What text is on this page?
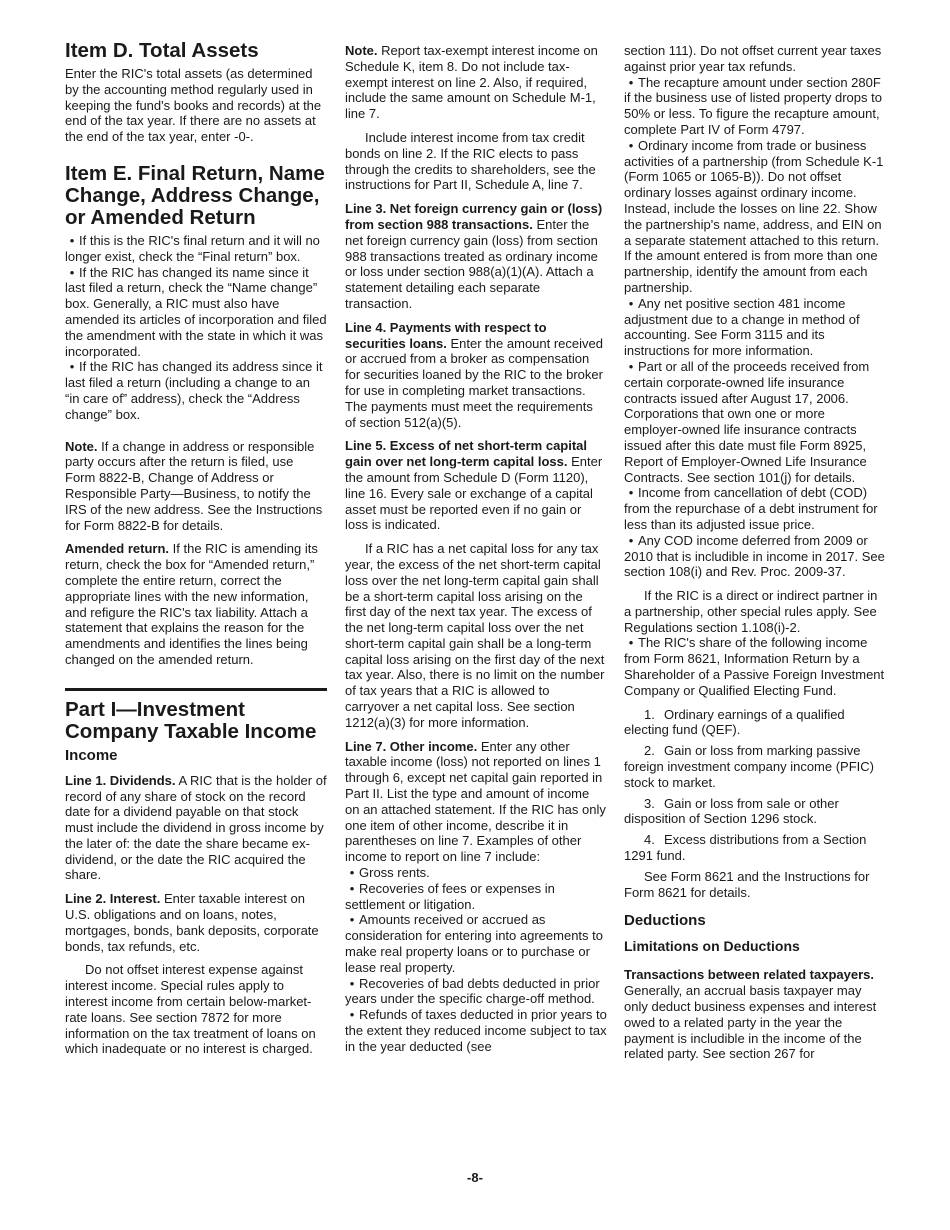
Item D. Total Assets

Enter the RIC's total assets (as determined by the accounting method regularly used in keeping the fund's books and records) at the end of the tax year. If there are no assets at the end of the tax year, enter -0-.

Item E. Final Return, Name Change, Address Change, or Amended Return
• If this is the RIC's final return and it will no longer exist, check the “Final return” box.
• If the RIC has changed its name since it last filed a return, check the “Name change” box. Generally, a RIC must also have amended its articles of incorporation and filed the amendment with the state in which it was incorporated.
• If the RIC has changed its address since it last filed a return (including a change to an “in care of” address), check the “Address change” box.

Note. If a change in address or responsible party occurs after the return is filed, use Form 8822-B, Change of Address or Responsible Party—Business, to notify the IRS of the new address. See the Instructions for Form 8822-B for details.

Amended return. If the RIC is amending its return, check the box for “Amended return,” complete the entire return, correct the appropriate lines with the new information, and refigure the RIC's tax liability. Attach a statement that explains the reason for the amendments and identifies the lines being changed on the amended return.

Part I—Investment Company Taxable Income
Income

Line 1. Dividends. A RIC that is the holder of record of any share of stock on the record date for a dividend payable on that stock must include the dividend in gross income by the later of: the date the share became ex-dividend, or the date the RIC acquired the share.

Line 2. Interest. Enter taxable interest on U.S. obligations and on loans, notes, mortgages, bonds, bank deposits, corporate bonds, tax refunds, etc.

Do not offset interest expense against interest income. Special rules apply to interest income from certain below-market-rate loans. See section 7872 for more information on the tax treatment of loans on which inadequate or no interest is charged.

Note. Report tax-exempt interest income on Schedule K, item 8. Do not include tax-exempt interest on line 2. Also, if required, include the same amount on Schedule M-1, line 7.

Include interest income from tax credit bonds on line 2. If the RIC elects to pass through the credits to shareholders, see the instructions for Part II, Schedule A, line 7.

Line 3. Net foreign currency gain or (loss) from section 988 transactions. Enter the net foreign currency gain (loss) from section 988 transactions treated as ordinary income or loss under section 988(a)(1)(A). Attach a statement detailing each separate transaction.

Line 4. Payments with respect to securities loans. Enter the amount received or accrued from a broker as compensation for securities loaned by the RIC to the broker for use in completing market transactions. The payments must meet the requirements of section 512(a)(5).

Line 5. Excess of net short-term capital gain over net long-term capital loss. Enter the amount from Schedule D (Form 1120), line 16. Every sale or exchange of a capital asset must be reported even if no gain or loss is indicated.

If a RIC has a net capital loss for any tax year, the excess of the net short-term capital loss over the net long-term capital gain shall be a short-term capital loss arising on the first day of the next tax year. The excess of the net long-term capital loss over the net short-term capital gain shall be a long-term capital loss arising on the first day of the next tax year. Also, there is no limit on the number of tax years that a RIC is allowed to carryover a net capital loss. See section 1212(a)(3) for more information.

Line 7. Other income. Enter any other taxable income (loss) not reported on lines 1 through 6, except net capital gain reported in Part II. List the type and amount of income on an attached statement. If the RIC has only one item of other income, describe it in parentheses on line 7. Examples of other income to report on line 7 include:

• Gross rents.
• Recoveries of fees or expenses in settlement or litigation.
• Amounts received or accrued as consideration for entering into agreements to make real property loans or to purchase or lease real property.
• Recoveries of bad debts deducted in prior years under the specific charge-off method.
• Refunds of taxes deducted in prior years to the extent they reduced income subject to tax in the year deducted (see

section 111). Do not offset current year taxes against prior year tax refunds.

• The recapture amount under section 280F if the business use of listed property drops to 50% or less. To figure the recapture amount, complete Part IV of Form 4797.
• Ordinary income from trade or business activities of a partnership (from Schedule K-1 (Form 1065 or 1065-B)). Do not offset ordinary losses against ordinary income. Instead, include the losses on line 22. Show the partnership's name, address, and EIN on a separate statement attached to this return. If the amount entered is from more than one partnership, identify the amount from each partnership.
• Any net positive section 481 income adjustment due to a change in method of accounting. See Form 3115 and its instructions for more information.
• Part or all of the proceeds received from certain corporate-owned life insurance contracts issued after August 17, 2006. Corporations that own one or more employer-owned life insurance contracts issued after this date must file Form 8925, Report of Employer-Owned Life Insurance Contracts. See section 101(j) for details.
• Income from cancellation of debt (COD) from the repurchase of a debt instrument for less than its adjusted issue price.
• Any COD income deferred from 2009 or 2010 that is includible in income in 2017. See section 108(i) and Rev. Proc. 2009-37.

If the RIC is a direct or indirect partner in a partnership, other special rules apply. See Regulations section 1.108(i)-2.

• The RIC's share of the following income from Form 8621, Information Return by a Shareholder of a Passive Foreign Investment Company or Qualified Electing Fund.

1. Ordinary earnings of a qualified electing fund (QEF).

2. Gain or loss from marking passive foreign investment company income (PFIC) stock to market.

3. Gain or loss from sale or other disposition of Section 1296 stock.

4. Excess distributions from a Section 1291 fund.

See Form 8621 and the Instructions for Form 8621 for details.

Deductions
Limitations on Deductions

Transactions between related taxpayers. Generally, an accrual basis taxpayer may only deduct business expenses and interest owed to a related party in the year the payment is includible in the income of the related party. See section 267 for

-8-
